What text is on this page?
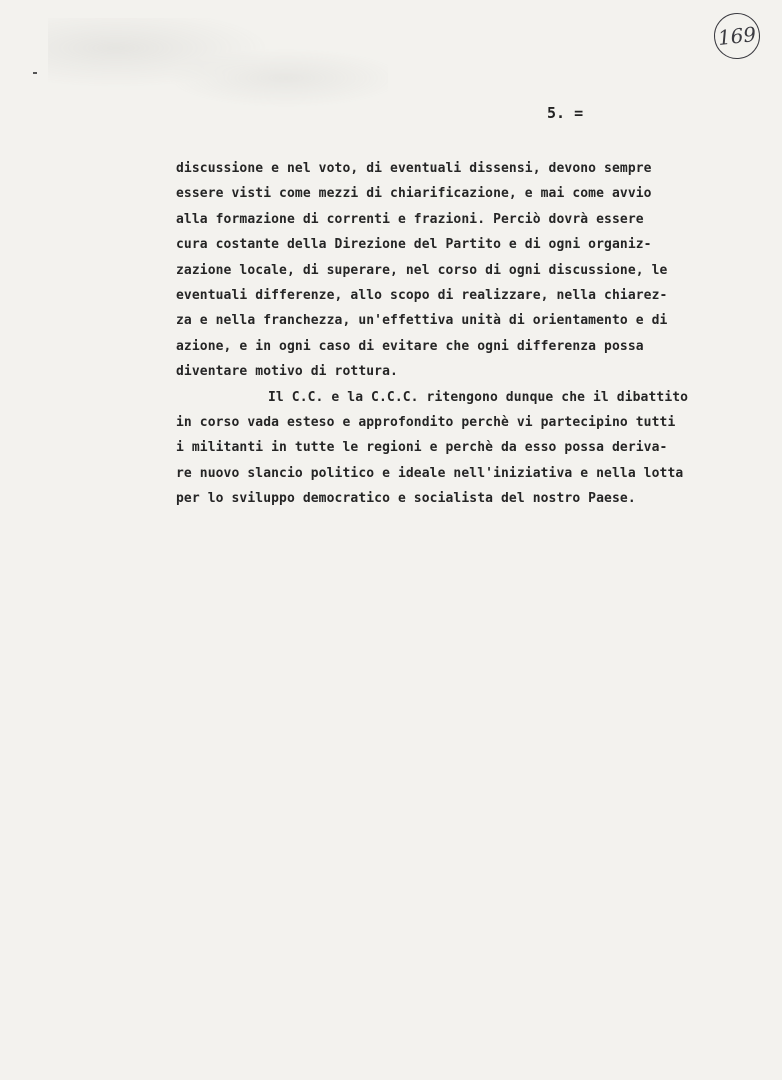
169
5. =
discussione e nel voto, di eventuali dissensi, devono sempre
essere visti come mezzi di chiarificazione, e mai come avvio
alla formazione di correnti e frazioni. Perciò dovrà essere
cura costante della Direzione del Partito e di ogni organiz-
zazione locale, di superare, nel corso di ogni discussione, le
eventuali differenze, allo scopo di realizzare, nella chiarez-
za e nella franchezza, un'effettiva unità di orientamento e di
azione, e in ogni caso di evitare che ogni differenza possa
diventare motivo di rottura.
Il C.C. e la C.C.C. ritengono dunque che il dibattito
in corso vada esteso e approfondito perchè vi partecipino tutti
i militanti in tutte le regioni e perchè da esso possa deriva-
re nuovo slancio politico e ideale nell'iniziativa e nella lotta
per lo sviluppo democratico e socialista del nostro Paese.
